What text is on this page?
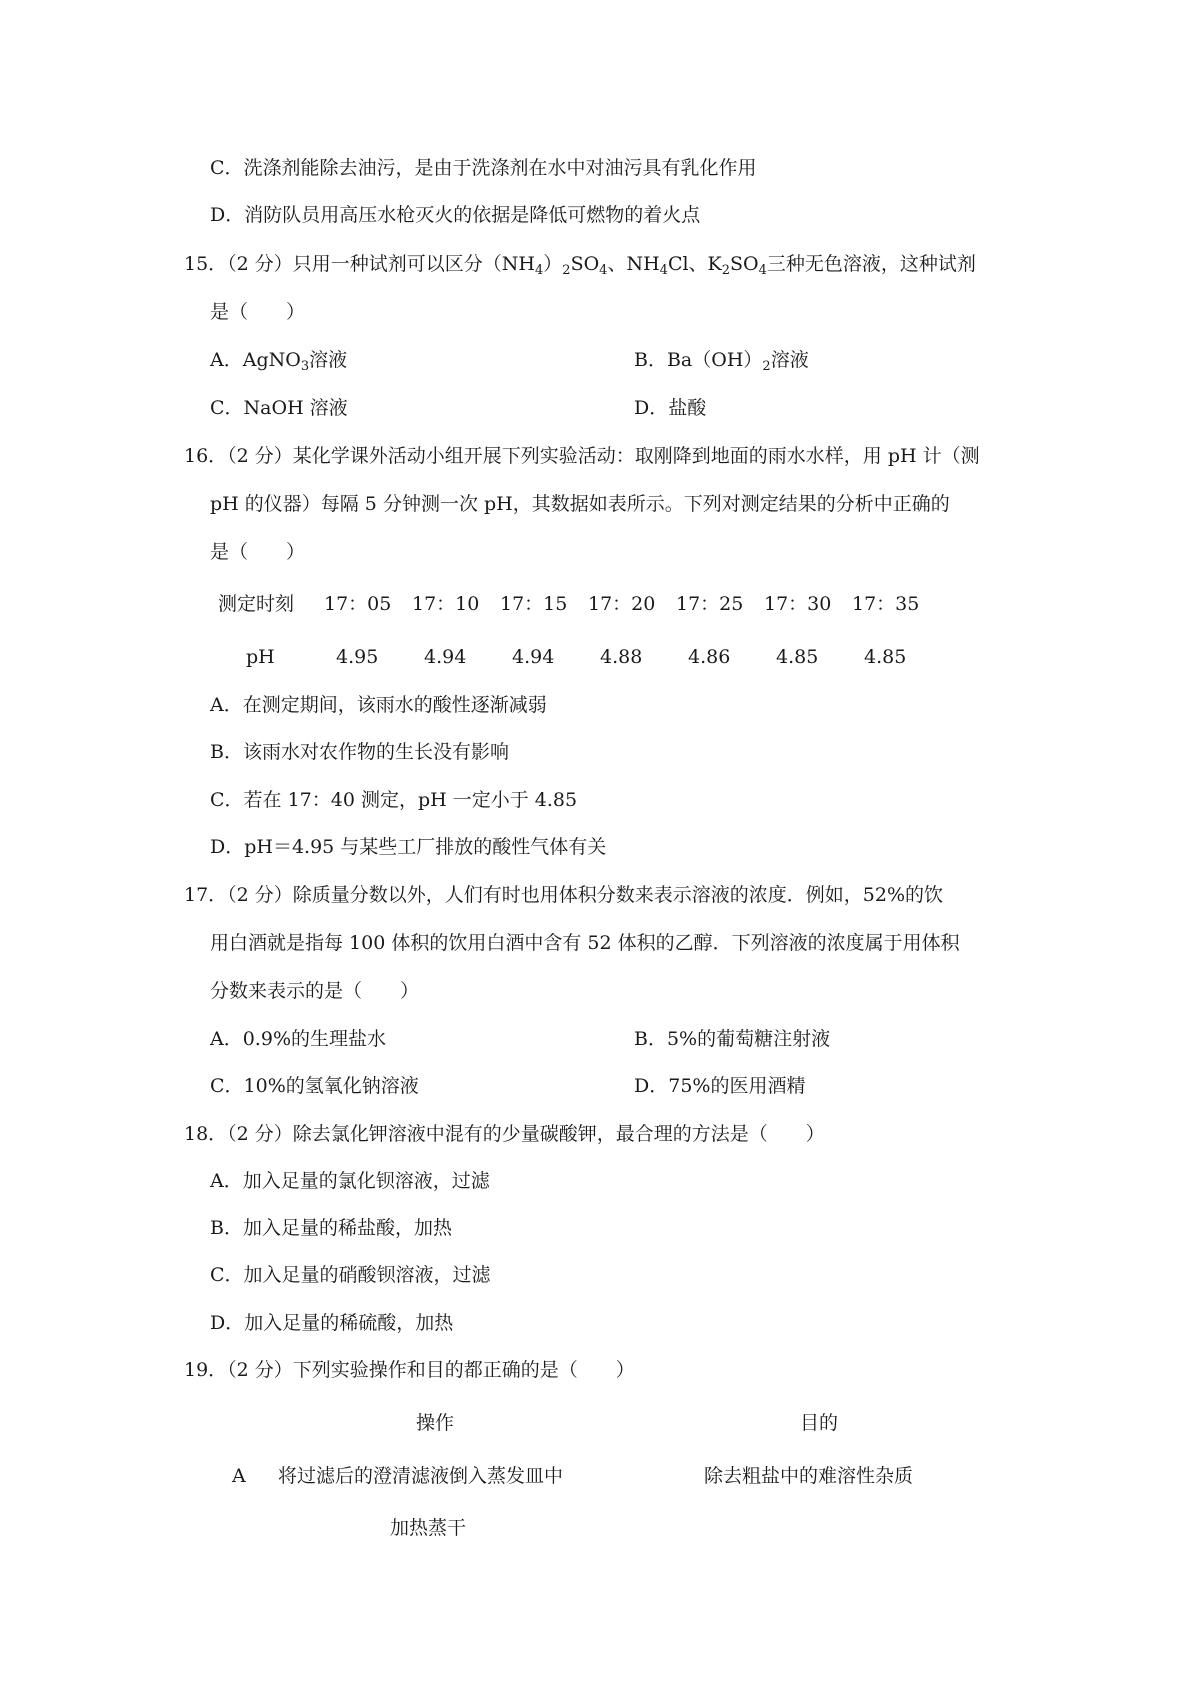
C．洗涤剂能除去油污，是由于洗涤剂在水中对油污具有乳化作用
D．消防队员用高压水枪灭火的依据是降低可燃物的着火点
15．（2 分）只用一种试剂可以区分$(NH_4)_2SO_4$、$NH_4Cl$、$K_2SO_4$三种无色溶液，这种试剂
是（　　）
A．AgNO$_3$溶液	B．$Ba(OH)_2$溶液
C．NaOH 溶液	D．盐酸
16．（2 分）某化学课外活动小组开展下列实验活动：取刚降到地面的雨水水样，用 pH 计（测
pH 的仪器）每隔 5 分钟测一次 pH，其数据如表所示。下列对测定结果的分析中正确的
是（　　）
测定时刻 17：05 17：10 17：15 17：20 17：25 17：30 17：35
pH	4.95 4.94 4.94 4.88 4.86 4.85 4.85
A．在测定期间，该雨水的酸性逐渐减弱
B．该雨水对农作物的生长没有影响
C．若在 17：40 测定，pH 一定小于 4.85
D．pH＝4.95 与某些工厂排放的酸性气体有关
17．（2 分）除质量分数以外，人们有时也用体积分数来表示溶液的浓度．例如，52%的饮
用白酒就是指每 100 体积的饮用白酒中含有 52 体积的乙醇．下列溶液的浓度属于用体积
分数来表示的是（　　）
A．0.9%的生理盐水	B．5%的葡萄糖注射液
C．10%的氢氧化钠溶液	D．75%的医用酒精
18．（2 分）除去氯化钾溶液中混有的少量碳酸钾，最合理的方法是（　　）
A．加入足量的氯化钡溶液，过滤
B．加入足量的稀盐酸，加热
C．加入足量的硝酸钡溶液，过滤
D．加入足量的稀硫酸，加热
19．（2 分）下列实验操作和目的都正确的是（　　）
操作	目的
A 将过滤后的澄清滤液倒入蒸发皿中	除去粗盐中的难溶性杂质
加热蒸干
